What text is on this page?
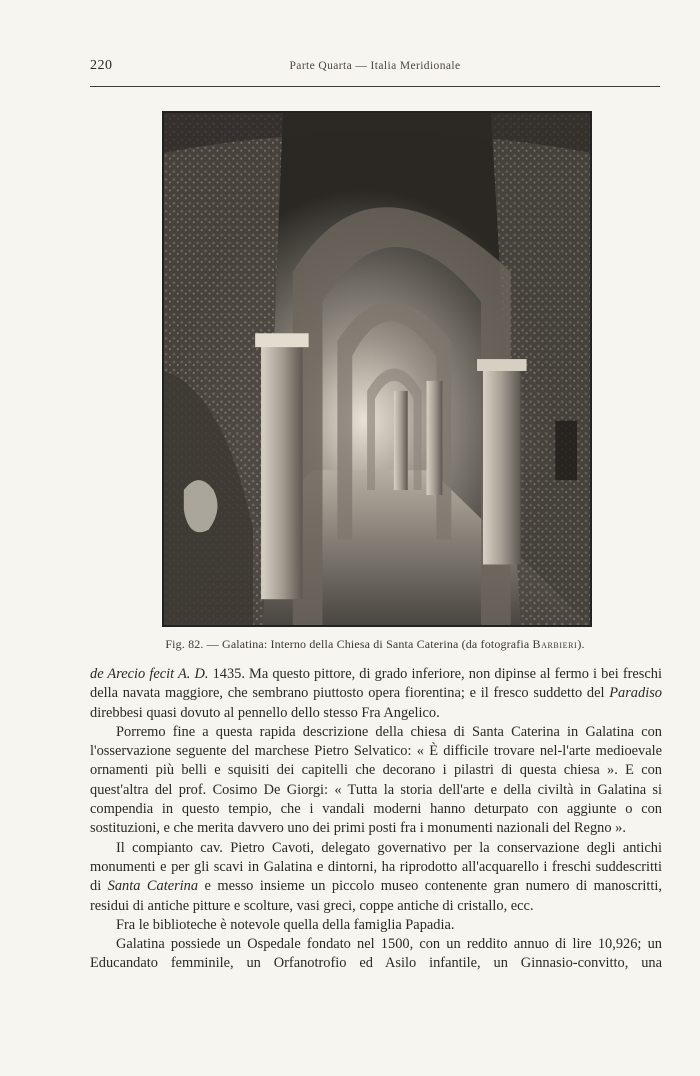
220	Parte Quarta — Italia Meridionale
Fig. 82. — Galatina: Interno della Chiesa di Santa Caterina (da fotografia Barbieri).

de Arecio fecit A. D. 1435. Ma questo pittore, di grado inferiore, non dipinse al fermo i bei freschi della navata maggiore, che sembrano piuttosto opera fiorentina; e il fresco suddetto del Paradiso direbbesi quasi dovuto al pennello dello stesso Fra Angelico.

Porremo fine a questa rapida descrizione della chiesa di Santa Caterina in Galatina con l'osservazione seguente del marchese Pietro Selvatico: « È difficile trovare nel-l'arte medioevale ornamenti più belli e squisiti dei capitelli che decorano i pilastri di questa chiesa ». E con quest'altra del prof. Cosimo De Giorgi: « Tutta la storia dell'arte e della civiltà in Galatina si compendia in questo tempio, che i vandali moderni hanno deturpato con aggiunte o con sostituzioni, e che merita davvero uno dei primi posti fra i monumenti nazionali del Regno ».

Il compianto cav. Pietro Cavoti, delegato governativo per la conservazione degli antichi monumenti e per gli scavi in Galatina e dintorni, ha riprodotto all'acquarello i freschi suddescritti di Santa Caterina e messo insieme un piccolo museo contenente gran numero di manoscritti, residui di antiche pitture e scolture, vasi greci, coppe antiche di cristallo, ecc.

Fra le biblioteche è notevole quella della famiglia Papadia.

Galatina possiede un Ospedale fondato nel 1500, con un reddito annuo di lire 10,926; un Educandato femminile, un Orfanotrofio ed Asilo infantile, un Ginnasio-convitto, una
